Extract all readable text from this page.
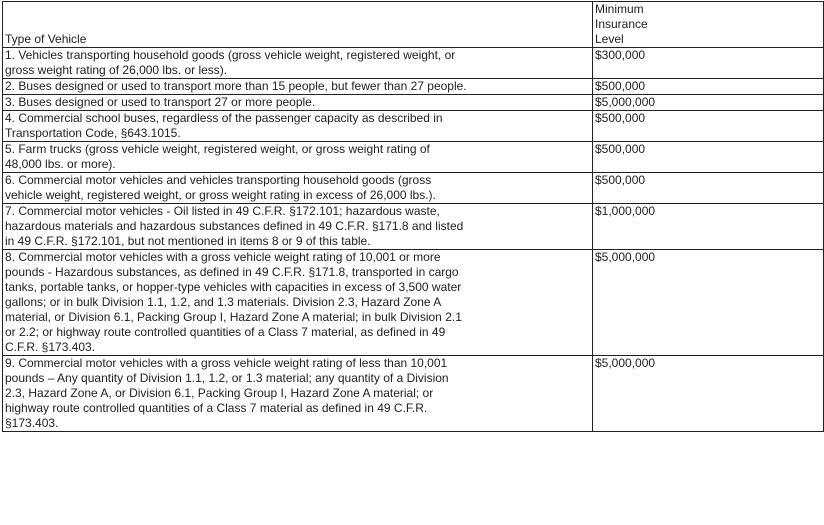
Type of Vehicle	Minimum Insurance Level

1. Vehicles transporting household goods (gross vehicle weight, registered weight, or gross weight rating of 26,000 lbs. or less).	$300,000

2. Buses designed or used to transport more than 15 people, but fewer than 27 people.	$500,000

3. Buses designed or used to transport 27 or more people.	$5,000,000

4. Commercial school buses, regardless of the passenger capacity as described in Transportation Code, §643.1015.	$500,000

5. Farm trucks (gross vehicle weight, registered weight, or gross weight rating of 48,000 lbs. or more).	$500,000

6. Commercial motor vehicles and vehicles transporting household goods (gross vehicle weight, registered weight, or gross weight rating in excess of 26,000 lbs.).	$500,000

7. Commercial motor vehicles - Oil listed in 49 C.F.R. §172.101; hazardous waste, hazardous materials and hazardous substances defined in 49 C.F.R. §171.8 and listed in 49 C.F.R. §172.101, but not mentioned in items 8 or 9 of this table.	$1,000,000

8. Commercial motor vehicles with a gross vehicle weight rating of 10,001 or more pounds - Hazardous substances, as defined in 49 C.F.R. §171.8, transported in cargo tanks, portable tanks, or hopper-type vehicles with capacities in excess of 3,500 water gallons; or in bulk Division 1.1, 1.2, and 1.3 materials. Division 2.3, Hazard Zone A material, or Division 6.1, Packing Group I, Hazard Zone A material; in bulk Division 2.1 or 2.2; or highway route controlled quantities of a Class 7 material, as defined in 49 C.F.R. §173.403.	$5,000,000

9. Commercial motor vehicles with a gross vehicle weight rating of less than 10,001 pounds – Any quantity of Division 1.1, 1.2, or 1.3 material; any quantity of a Division 2.3, Hazard Zone A, or Division 6.1, Packing Group I, Hazard Zone A material; or highway route controlled quantities of a Class 7 material as defined in 49 C.F.R. §173.403.	$5,000,000
